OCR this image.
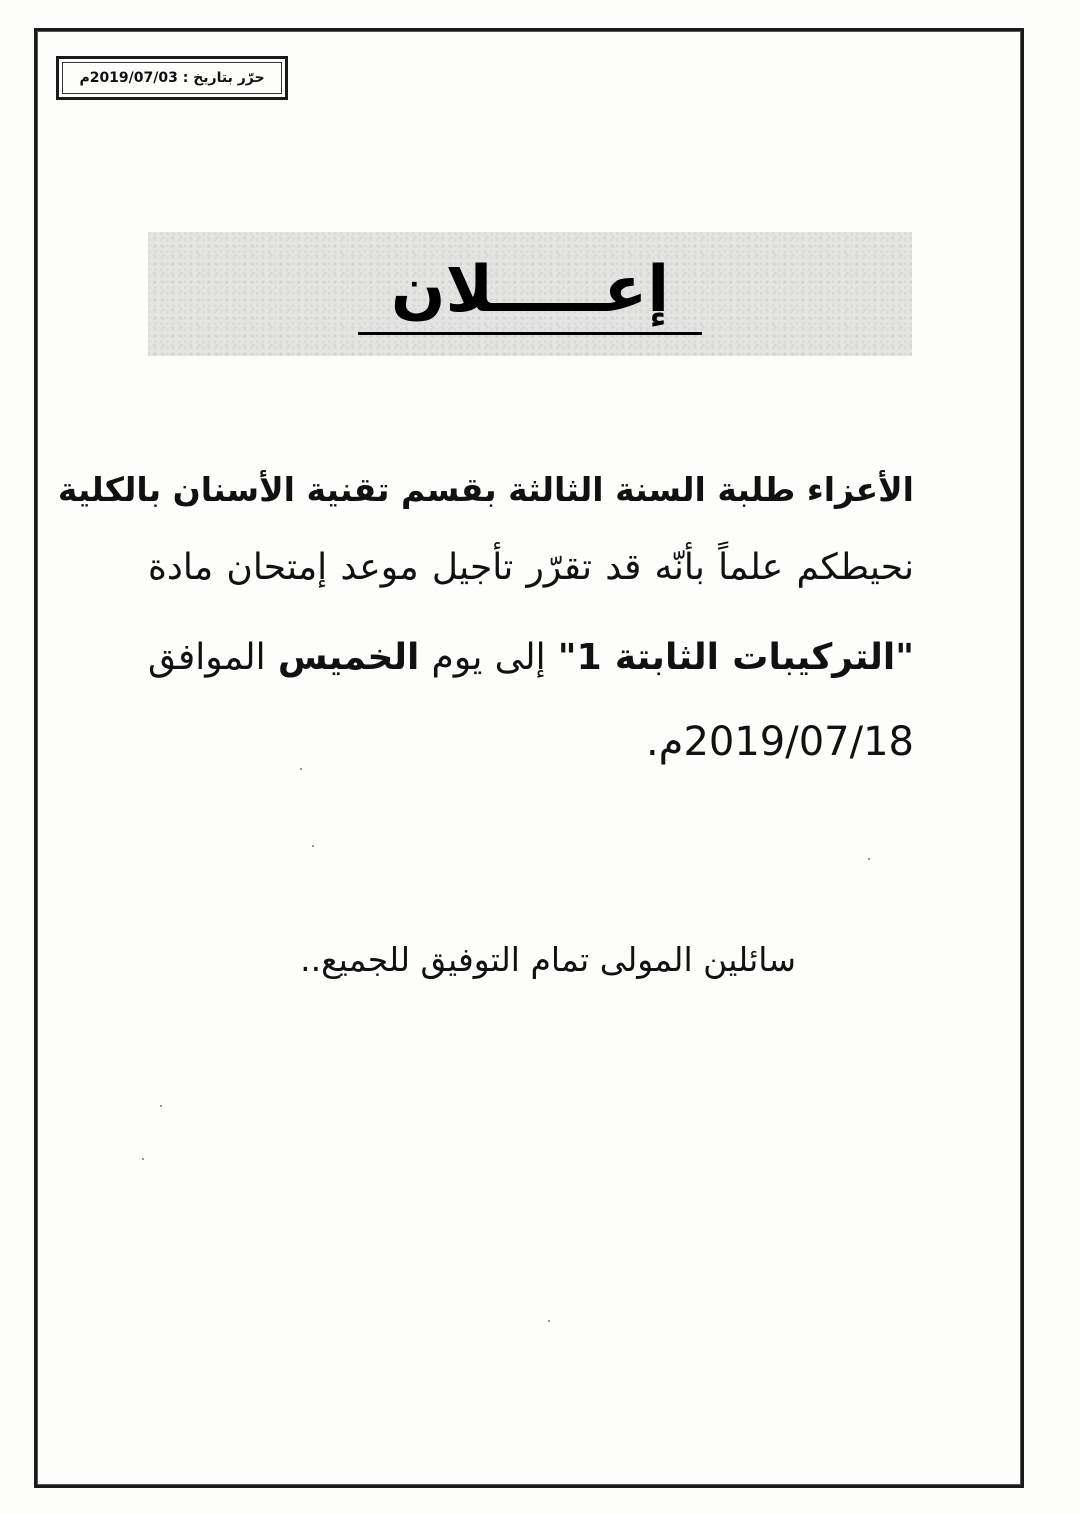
حرّر بتاريخ : 2019/07/03م
إعـــــلان
الأعزاء طلبة السنة الثالثة بقسم تقنية الأسنان بالكلية
نحيطكم علماً بأنّه قد تقرّر تأجيل موعد إمتحان مادة
"التركيبات الثابتة 1" إلى يوم الخميس الموافق
2019/07/18م.
سائلين المولى تمام التوفيق للجميع..
